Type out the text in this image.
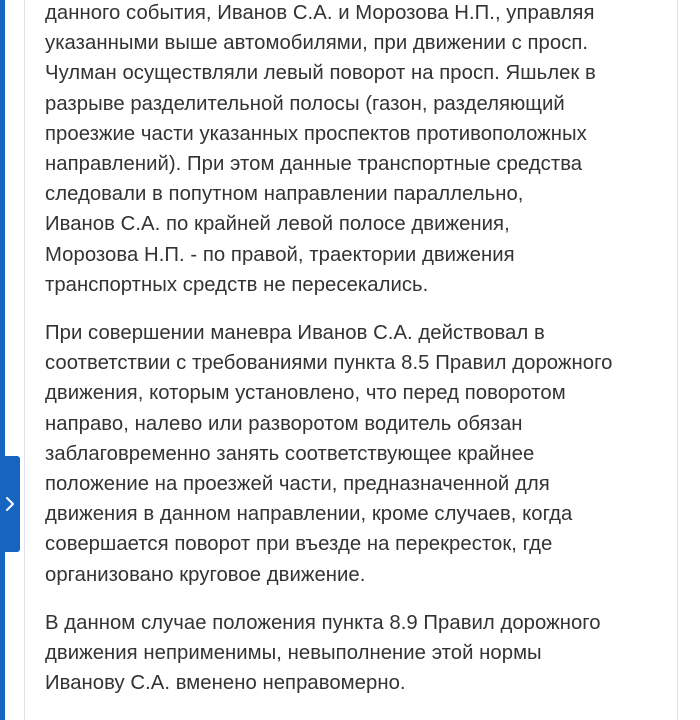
данного события, Иванов С.А. и Морозова Н.П., управляя
указанными выше автомобилями, при движении с просп.
Чулман осуществляли левый поворот на просп. Яшьлек в
разрыве разделительной полосы (газон, разделяющий
проезжие части указанных проспектов противоположных
направлений). При этом данные транспортные средства
следовали в попутном направлении параллельно,
Иванов С.А. по крайней левой полосе движения,
Морозова Н.П. - по правой, траектории движения
транспортных средств не пересекались.

При совершении маневра Иванов С.А. действовал в
соответствии с требованиями пункта 8.5 Правил дорожного
движения, которым установлено, что перед поворотом
направо, налево или разворотом водитель обязан
заблаговременно занять соответствующее крайнее
положение на проезжей части, предназначенной для
движения в данном направлении, кроме случаев, когда
совершается поворот при въезде на перекресток, где
организовано круговое движение.

В данном случае положения пункта 8.9 Правил дорожного
движения неприменимы, невыполнение этой нормы
Иванову С.А. вменено неправомерно.
